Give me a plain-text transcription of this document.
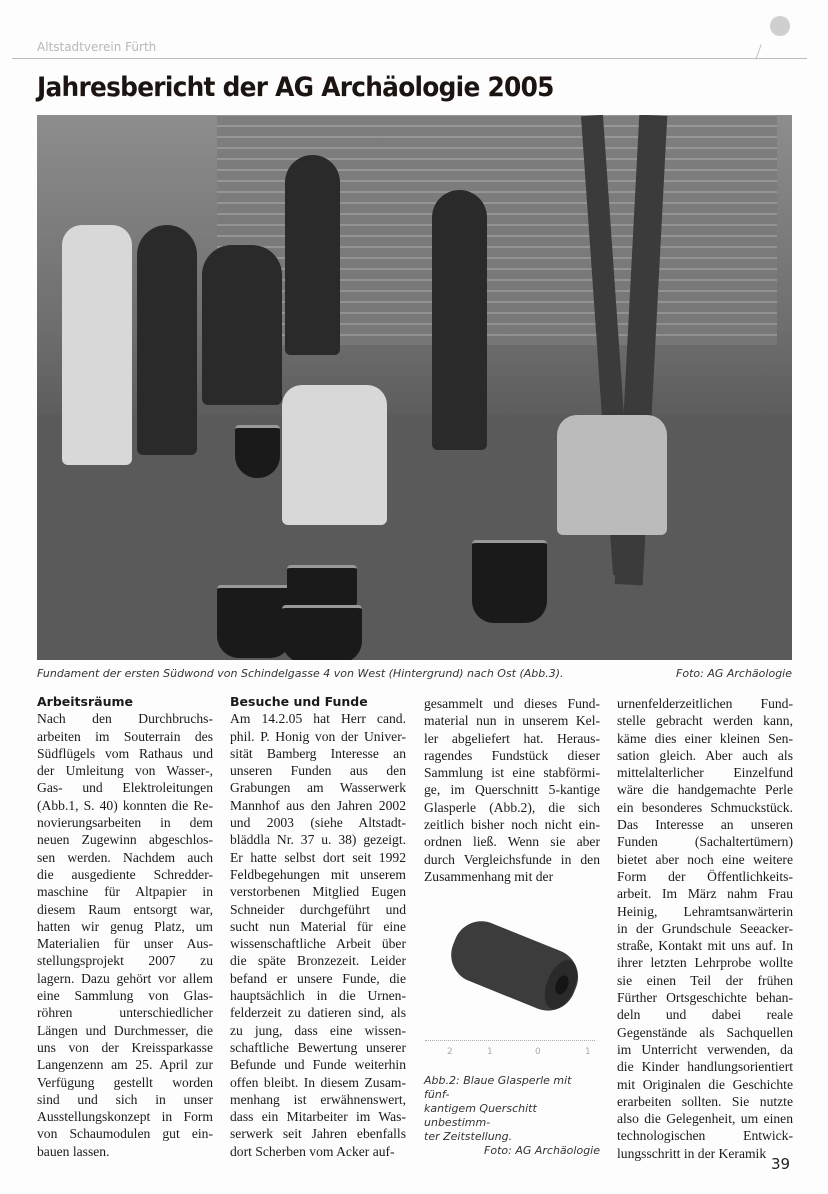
Altstadtverein Fürth
Jahresbericht der AG Archäologie 2005
Fundament der ersten Südwond von Schindelgasse 4 von West (Hintergrund) nach Ost (Abb.3).	Foto: AG Archäologie
Arbeitsräume
Nach den Durchbruchs-
arbeiten im Souterrain des
Südflügels vom Rathaus und
der Umleitung von Wasser-,
Gas- und Elektroleitungen
(Abb.1, S. 40) konnten die Re-
novierungsarbeiten in dem
neuen Zugewinn abgeschlos-
sen werden. Nachdem auch
die ausgediente Schredder-
maschine für Altpapier in
diesem Raum entsorgt war,
hatten wir genug Platz, um
Materialien für unser Aus-
stellungsprojekt 2007 zu
lagern. Dazu gehört vor allem
eine Sammlung von Glas-
röhren unterschiedlicher
Längen und Durchmesser, die
uns von der Kreissparkasse
Langenzenn am 25. April zur
Verfügung gestellt worden
sind und sich in unser
Ausstellungskonzept in Form
von Schaumodulen gut ein-
bauen lassen.
Besuche und Funde
Am 14.2.05 hat Herr cand.
phil. P. Honig von der Univer-
sität Bamberg Interesse an
unseren Funden aus den
Grabungen am Wasserwerk
Mannhof aus den Jahren 2002
und 2003 (siehe Altstadt-
bläddla Nr. 37 u. 38) gezeigt.
Er hatte selbst dort seit 1992
Feldbegehungen mit unserem
verstorbenen Mitglied Eugen
Schneider durchgeführt und
sucht nun Material für eine
wissenschaftliche Arbeit über
die späte Bronzezeit. Leider
befand er unsere Funde, die
hauptsächlich in die Urnen-
felderzeit zu datieren sind, als
zu jung, dass eine wissen-
schaftliche Bewertung unserer
Befunde und Funde weiterhin
offen bleibt. In diesem Zusam-
menhang ist erwähnenswert,
dass ein Mitarbeiter im Was-
serwerk seit Jahren ebenfalls
dort Scherben vom Acker auf-
gesammelt und dieses Fund-
material nun in unserem Kel-
ler abgeliefert hat. Heraus-
ragendes Fundstück dieser
Sammlung ist eine stabförmi-
ge, im Querschnitt 5-kantige
Glasperle (Abb.2), die sich
zeitlich bisher noch nicht ein-
ordnen ließ. Wenn sie aber
durch Vergleichsfunde in den
Zusammenhang mit der
urnenfelderzeitlichen Fund-
stelle gebracht werden kann,
käme dies einer kleinen Sen-
sation gleich. Aber auch als
mittelalterlicher Einzelfund
wäre die handgemachte Perle
ein besonderes Schmuckstück.
Das Interesse an unseren
Funden (Sachaltertümern)
bietet aber noch eine weitere
Form der Öffentlichkeits-
arbeit. Im März nahm Frau
Heinig, Lehramtsanwärterin
in der Grundschule Seeacker-
straße, Kontakt mit uns auf. In
ihrer letzten Lehrprobe wollte
sie einen Teil der frühen
Fürther Ortsgeschichte behan-
deln und dabei reale
Gegenstände als Sachquellen
im Unterricht verwenden, da
die Kinder handlungsorientiert
mit Originalen die Geschichte
erarbeiten sollten. Sie nutzte
also die Gelegenheit, um einen
technologischen Entwick-
lungsschritt in der Keramik
2	1	0	1
Abb.2: Blaue Glasperle mit fünf-
kantigem Querschitt unbestimm-
ter Zeitstellung.
Foto: AG Archäologie
39
